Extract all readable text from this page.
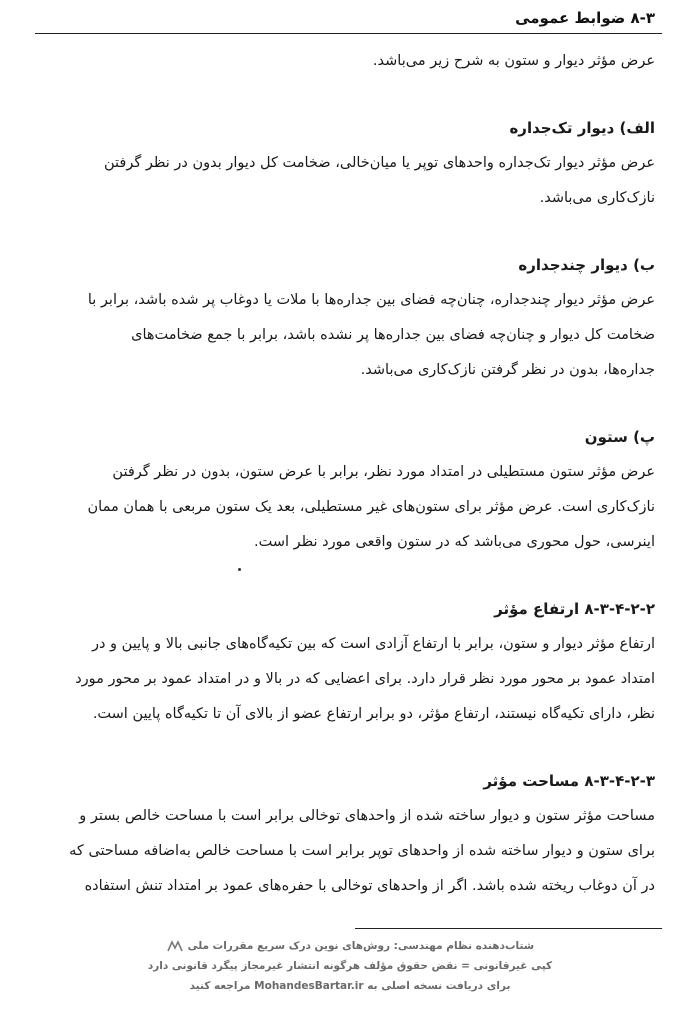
۸-۳ ضوابط عمومی

عرض مؤثر دیوار و ستون به شرح زیر می‌باشد.

الف) دیوار تک‌جداره

عرض مؤثر دیوار تک‌جداره واحدهای توپر یا میان‌خالی، ضخامت کل دیوار بدون در نظر گرفتن

نازک‌کاری می‌باشد.

ب) دیوار چندجداره

عرض مؤثر دیوار چندجداره، چنان‌چه فضای بین جداره‌ها با ملات یا دوغاب پر شده باشد، برابر با

ضخامت کل دیوار و چنان‌چه فضای بین جداره‌ها پر نشده باشد، برابر با جمع ضخامت‌های

جداره‌ها، بدون در نظر گرفتن نازک‌کاری می‌باشد.

پ) ستون

عرض مؤثر ستون مستطیلی در امتداد مورد نظر، برابر با عرض ستون، بدون در نظر گرفتن

نازک‌کاری است. عرض مؤثر برای ستون‌های غیر مستطیلی، بعد یک ستون مربعی با همان ممان

اینرسی، حول محوری می‌باشد که در ستون واقعی مورد نظر است.

۸-۳-۴-۲-۲ ارتفاع مؤثر

ارتفاع مؤثر دیوار و ستون، برابر با ارتفاع آزادی است که بین تکیه‌گاه‌های جانبی بالا و پایین و در

امتداد عمود بر محور مورد نظر قرار دارد. برای اعضایی که در بالا و در امتداد عمود بر محور مورد

نظر، دارای تکیه‌گاه نیستند، ارتفاع مؤثر، دو برابر ارتفاع عضو از بالای آن تا تکیه‌گاه پایین است.

۸-۳-۴-۲-۳ مساحت مؤثر

مساحت مؤثر ستون و دیوار ساخته شده از واحدهای توخالی برابر است با مساحت خالص بستر و

برای ستون و دیوار ساخته شده از واحدهای توپر برابر است با مساحت خالص به‌اضافه مساحتی که

در آن دوغاب ریخته شده باشد. اگر از واحدهای توخالی با حفره‌های عمود بر امتداد تنش استفاده

شتاب‌دهنده نظام مهندسی: روش‌های نوین درک سریع مقررات ملی

کپی غیرقانونی = نقض حقوق مؤلف هرگونه انتشار غیرمجاز پیگرد قانونی دارد

برای دریافت نسخه اصلی به MohandesBartar.ir مراجعه کنید
